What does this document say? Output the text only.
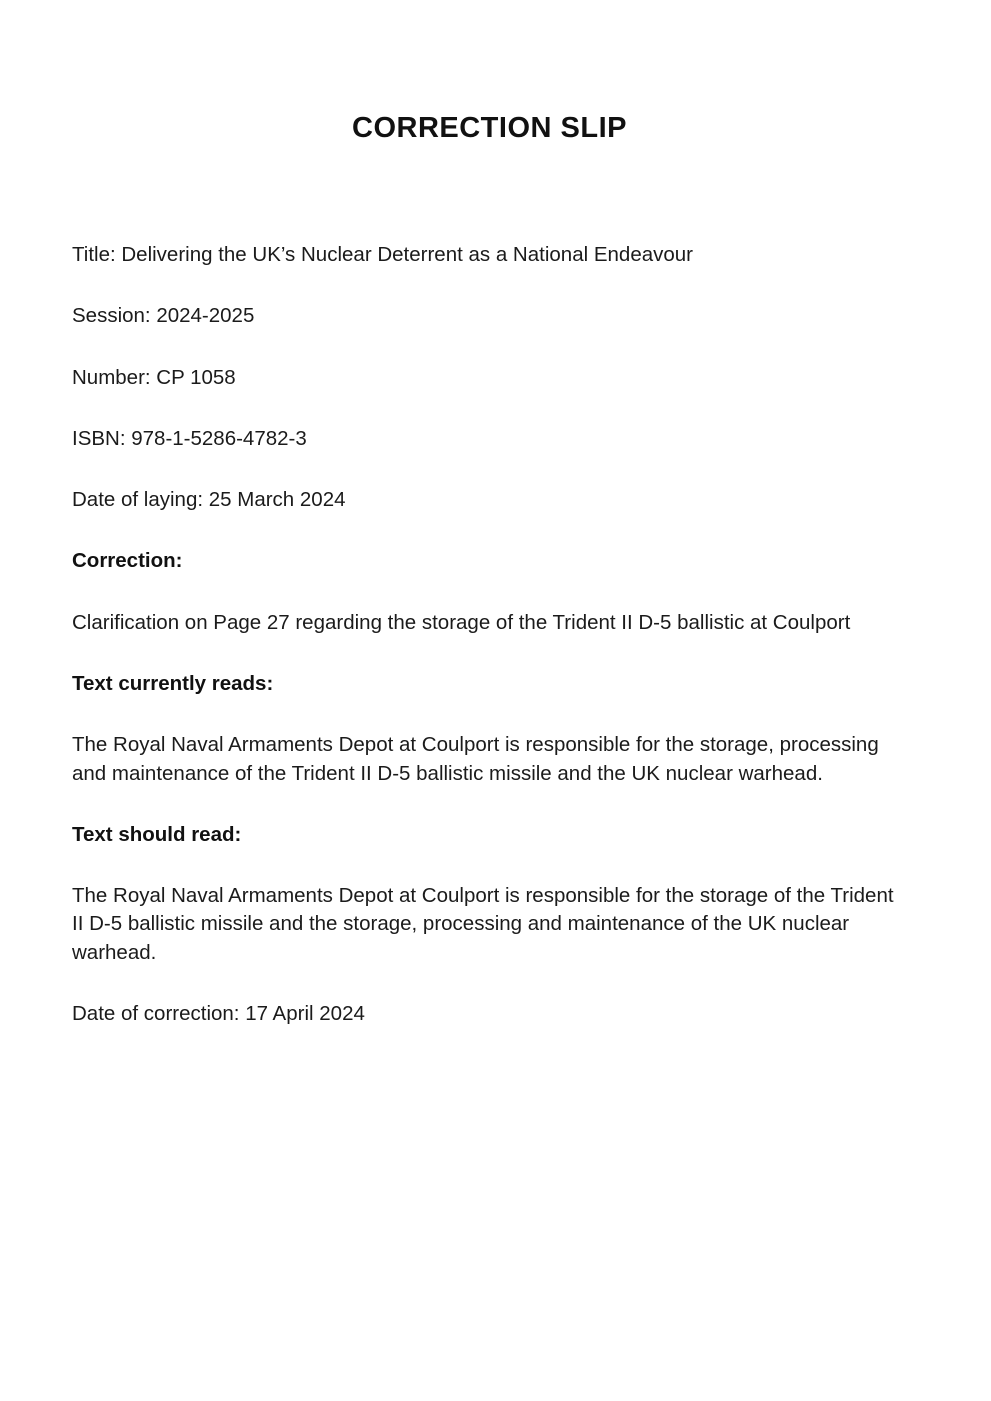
CORRECTION SLIP

Title: Delivering the UK’s Nuclear Deterrent as a National Endeavour

Session: 2024-2025

Number: CP 1058

ISBN: 978-1-5286-4782-3

Date of laying: 25 March 2024

Correction:

Clarification on Page 27 regarding the storage of the Trident II D-5 ballistic at Coulport

Text currently reads:

The Royal Naval Armaments Depot at Coulport is responsible for the storage, processing and maintenance of the Trident II D-5 ballistic missile and the UK nuclear warhead.

Text should read:

The Royal Naval Armaments Depot at Coulport is responsible for the storage of the Trident II D-5 ballistic missile and the storage, processing and maintenance of the UK nuclear warhead.

Date of correction: 17 April 2024
